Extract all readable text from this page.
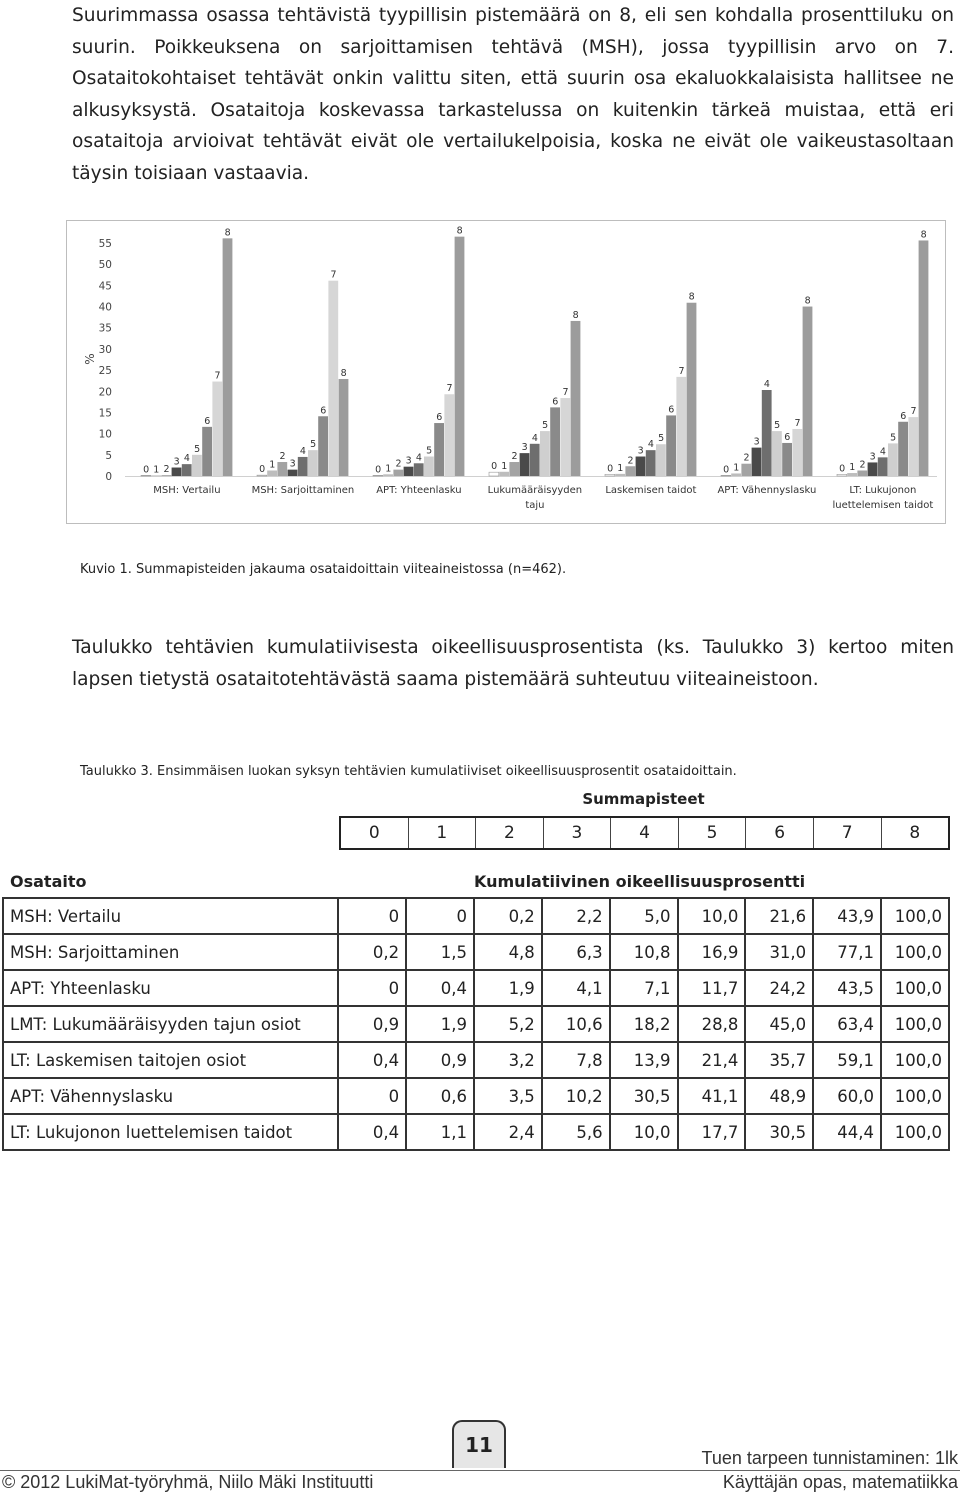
Suurimmassa osassa tehtävistä tyypillisin pistemäärä on 8, eli sen kohdalla prosenttiluku on suurin. Poikkeuksena on sarjoittamisen tehtävä (MSH), jossa tyypillisin arvo on 7. Osataitokohtaiset tehtävät onkin valittu siten, että suurin osa ekaluokkalaisista hallitsee ne alkusyksystä. Osataitoja koskevassa tarkastelussa on kuitenkin tärkeä muistaa, että eri osataitoja arvioivat tehtävät eivät ole vertailukelpoisia, koska ne eivät ole vaikeustasoltaan täysin toisiaan vastaavia.

0
5
10
15
20
25
30
35
40
45
50
55
%
0 1 2
3 4
5
6
7
8
MSH: Vertailu
0 1
2
3
4
5
6
7
8
MSH: Sarjoittaminen
0 1 2 3 4
5
6
7
8
APT: Yhteenlasku
0 1
2
3
4
5
6
7
8
Lukumääräisyyden
taju
0 1
2
3
4
5
6
7
8
Laskemisen taidot
0 1
2
3
4
5
6
7
8
APT: Vähennyslasku
0 1 2
3 4
5
6 7
8
LT: Lukujonon
luettelemisen taidot
Kuvio 1. Summapisteiden jakauma osataidoittain viiteaineistossa (n=462).

Taulukko tehtävien kumulatiivisesta oikeellisuusprosentista (ks. Taulukko 3) kertoo miten lapsen tietystä osataitotehtävästä saama pistemäärä suhteutuu viiteaineistoon.

Taulukko 3. Ensimmäisen luokan syksyn tehtävien kumulatiiviset oikeellisuusprosentit osataidoittain.
Summapisteet
0	1	2	3	4	5	6	7	8
Osataito	Kumulatiivinen oikeellisuusprosentti
MSH: Vertailu	0	0	0,2	2,2	5,0	10,0	21,6	43,9	100,0
MSH: Sarjoittaminen	0,2	1,5	4,8	6,3	10,8	16,9	31,0	77,1	100,0
APT: Yhteenlasku	0	0,4	1,9	4,1	7,1	11,7	24,2	43,5	100,0
LMT: Lukumääräisyyden tajun osiot	0,9	1,9	5,2	10,6	18,2	28,8	45,0	63,4	100,0
LT: Laskemisen taitojen osiot	0,4	0,9	3,2	7,8	13,9	21,4	35,7	59,1	100,0
APT: Vähennyslasku	0	0,6	3,5	10,2	30,5	41,1	48,9	60,0	100,0
LT: Lukujonon luettelemisen taidot	0,4	1,1	2,4	5,6	10,0	17,7	30,5	44,4	100,0
11
Tuen tarpeen tunnistaminen: 1lk
Käyttäjän opas, matematiikka
© 2012 LukiMat-työryhmä, Niilo Mäki Instituutti
